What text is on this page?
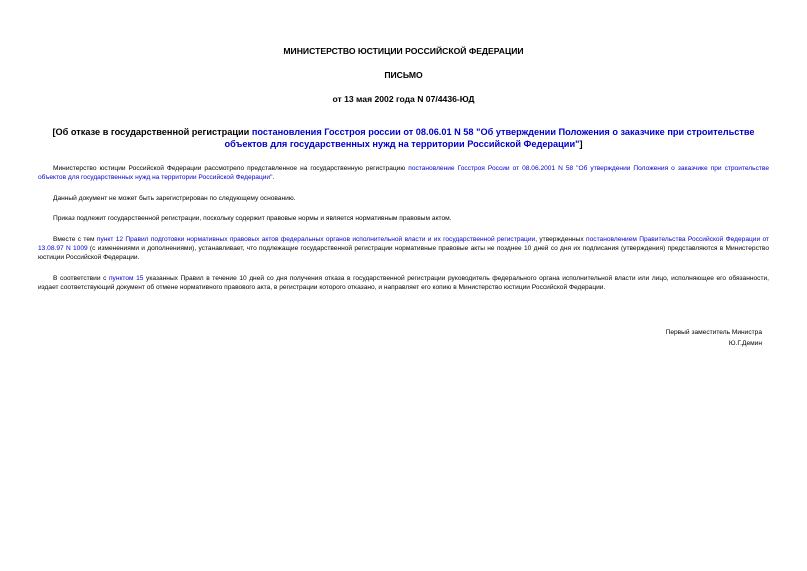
МИНИСТЕРСТВО ЮСТИЦИИ РОССИЙСКОЙ ФЕДЕРАЦИИ
ПИСЬМО
от 13 мая 2002 года N 07/4436-ЮД
[Об отказе в государственной регистрации постановления Госстроя россии от 08.06.01 N 58 "Об утверждении Положения о заказчике при строительстве объектов для государственных нужд на территории Российской Федерации"]
Министерство юстиции Российской Федерации рассмотрело представленное на государственную регистрацию постановление Госстроя России от 08.06.2001 N 58 "Об утверждении Положения о заказчике при строительстве объектов для государственных нужд на территории Российской Федерации".
Данный документ не может быть зарегистрирован по следующему основанию.
Приказ подлежит государственной регистрации, поскольку содержит правовые нормы и является нормативным правовым актом.
Вместе с тем пункт 12 Правил подготовки нормативных правовых актов федеральных органов исполнительной власти и их государственной регистрации, утвержденных постановлением Правительства Российской Федерации от 13.08.97 N 1009 (с изменениями и дополнениями), устанавливает, что подлежащие государственной регистрации нормативные правовые акты не позднее 10 дней со дня их подписания (утверждения) представляются в Министерство юстиции Российской Федерации.
В соответствии с пунктом 15 указанных Правил в течение 10 дней со дня получения отказа в государственной регистрации руководитель федерального органа исполнительной власти или лицо, исполняющее его обязанности, издает соответствующий документ об отмене нормативного правового акта, в регистрации которого отказано, и направляет его копию в Министерство юстиции Российской Федерации.
Первый заместитель Министра
Ю.Г.Демин
